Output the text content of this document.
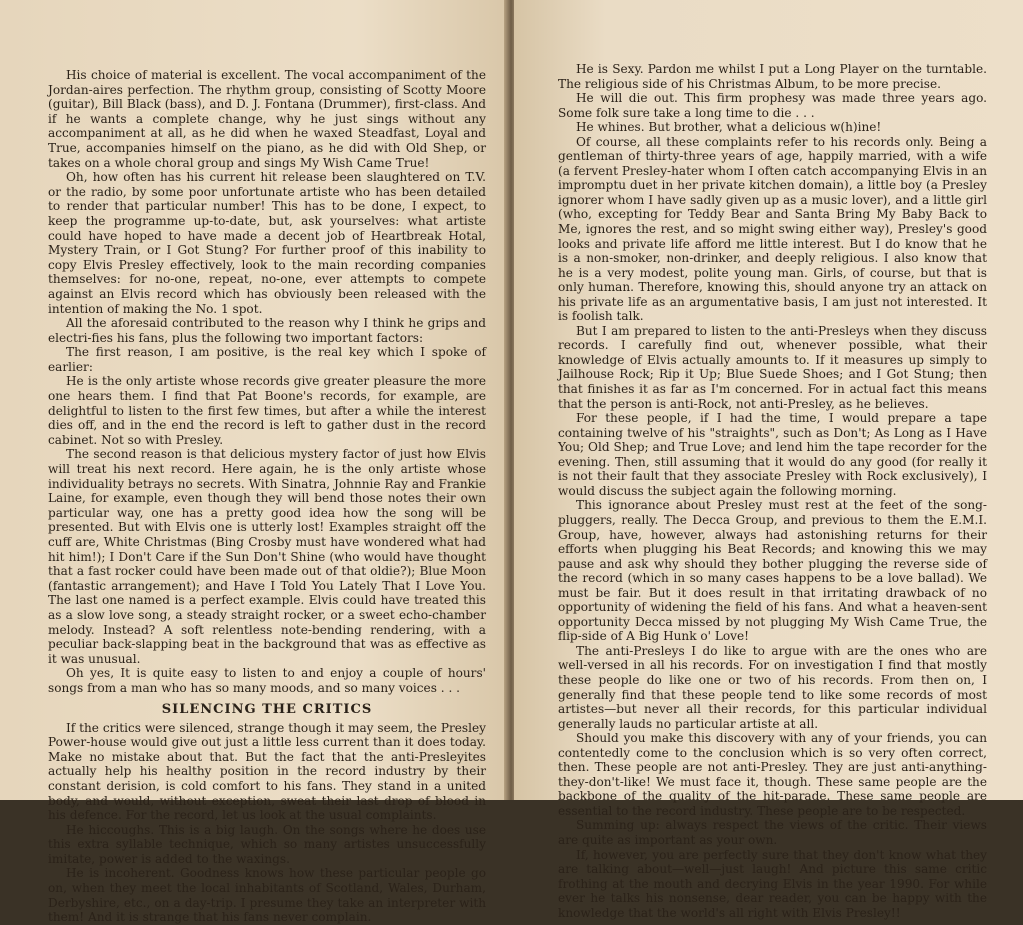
His choice of material is excellent. The vocal accompaniment of the Jordan-aires perfection. The rhythm group, consisting of Scotty Moore (guitar), Bill Black (bass), and D. J. Fontana (Drummer), first-class. And if he wants a complete change, why he just sings without any accompaniment at all, as he did when he waxed Steadfast, Loyal and True, accompanies himself on the piano, as he did with Old Shep, or takes on a whole choral group and sings My Wish Came True!

Oh, how often has his current hit release been slaughtered on T.V. or the radio, by some poor unfortunate artiste who has been detailed to render that particular number! This has to be done, I expect, to keep the programme up-to-date, but, ask yourselves: what artiste could have hoped to have made a decent job of Heartbreak Hotal, Mystery Train, or I Got Stung? For further proof of this inability to copy Elvis Presley effectively, look to the main recording companies themselves: for no-one, repeat, no-one, ever attempts to compete against an Elvis record which has obviously been released with the intention of making the No. 1 spot.

All the aforesaid contributed to the reason why I think he grips and electri-fies his fans, plus the following two important factors:

The first reason, I am positive, is the real key which I spoke of earlier:

He is the only artiste whose records give greater pleasure the more one hears them. I find that Pat Boone's records, for example, are delightful to listen to the first few times, but after a while the interest dies off, and in the end the record is left to gather dust in the record cabinet. Not so with Presley.

The second reason is that delicious mystery factor of just how Elvis will treat his next record. Here again, he is the only artiste whose individuality betrays no secrets. With Sinatra, Johnnie Ray and Frankie Laine, for example, even though they will bend those notes their own particular way, one has a pretty good idea how the song will be presented. But with Elvis one is utterly lost! Examples straight off the cuff are, White Christmas (Bing Crosby must have wondered what had hit him!); I Don't Care if the Sun Don't Shine (who would have thought that a fast rocker could have been made out of that oldie?); Blue Moon (fantastic arrangement); and Have I Told You Lately That I Love You. The last one named is a perfect example. Elvis could have treated this as a slow love song, a steady straight rocker, or a sweet echo-chamber melody. Instead? A soft relentless note-bending rendering, with a peculiar back-slapping beat in the background that was as effective as it was unusual.

Oh yes, It is quite easy to listen to and enjoy a couple of hours' songs from a man who has so many moods, and so many voices . . .

SILENCING THE CRITICS

If the critics were silenced, strange though it may seem, the Presley Power-house would give out just a little less current than it does today. Make no mistake about that. But the fact that the anti-Presleyites actually help his healthy position in the record industry by their constant derision, is cold comfort to his fans. They stand in a united body, and would, without exception, sweat their last drop of blood in his defence. For the record, let us look at the usual complaints.

He hiccoughs. This is a big laugh. On the songs where he does use this extra syllable technique, which so many artistes unsuccessfully imitate, power is added to the waxings.

He is incoherent. Goodness knows how these particular people go on, when they meet the local inhabitants of Scotland, Wales, Durham, Derbyshire, etc., on a day-trip. I presume they take an interpreter with them! And it is strange that his fans never complain.

He is Sexy. Pardon me whilst I put a Long Player on the turntable. The religious side of his Christmas Album, to be more precise.

He will die out. This firm prophesy was made three years ago. Some folk sure take a long time to die . . .

He whines. But brother, what a delicious w(h)ine!

Of course, all these complaints refer to his records only. Being a gentleman of thirty-three years of age, happily married, with a wife (a fervent Presley-hater whom I often catch accompanying Elvis in an impromptu duet in her private kitchen domain), a little boy (a Presley ignorer whom I have sadly given up as a music lover), and a little girl (who, excepting for Teddy Bear and Santa Bring My Baby Back to Me, ignores the rest, and so might swing either way), Presley's good looks and private life afford me little interest. But I do know that he is a non-smoker, non-drinker, and deeply religious. I also know that he is a very modest, polite young man. Girls, of course, but that is only human. Therefore, knowing this, should anyone try an attack on his private life as an argumentative basis, I am just not interested. It is foolish talk.

But I am prepared to listen to the anti-Presleys when they discuss records. I carefully find out, whenever possible, what their knowledge of Elvis actually amounts to. If it measures up simply to Jailhouse Rock; Rip it Up; Blue Suede Shoes; and I Got Stung; then that finishes it as far as I'm concerned. For in actual fact this means that the person is anti-Rock, not anti-Presley, as he believes.

For these people, if I had the time, I would prepare a tape containing twelve of his "straights", such as Don't; As Long as I Have You; Old Shep; and True Love; and lend him the tape recorder for the evening. Then, still assuming that it would do any good (for really it is not their fault that they associate Presley with Rock exclusively), I would discuss the subject again the following morning.

This ignorance about Presley must rest at the feet of the song-pluggers, really. The Decca Group, and previous to them the E.M.I. Group, have, however, always had astonishing returns for their efforts when plugging his Beat Records; and knowing this we may pause and ask why should they bother plugging the reverse side of the record (which in so many cases happens to be a love ballad). We must be fair. But it does result in that irritating drawback of no opportunity of widening the field of his fans. And what a heaven-sent opportunity Decca missed by not plugging My Wish Came True, the flip-side of A Big Hunk o' Love!

The anti-Presleys I do like to argue with are the ones who are well-versed in all his records. For on investigation I find that mostly these people do like one or two of his records. From then on, I generally find that these people tend to like some records of most artistes—but never all their records, for this particular individual generally lauds no particular artiste at all.

Should you make this discovery with any of your friends, you can contentedly come to the conclusion which is so very often correct, then. These people are not anti-Presley. They are just anti-anything-they-don't-like! We must face it, though. These same people are the backbone of the quality of the hit-parade. These same people are essential to the record industry. These people are to be respected.

Summing up: always respect the views of the critic. Their views are quite as important as your own.

If, however, you are perfectly sure that they don't know what they are talking about—well—just laugh! And picture this same critic frothing at the mouth and decrying Elvis in the year 1990. For while ever he talks his nonsense, dear reader, you can be happy with the knowledge that the world's all right with Elvis Presley!!
